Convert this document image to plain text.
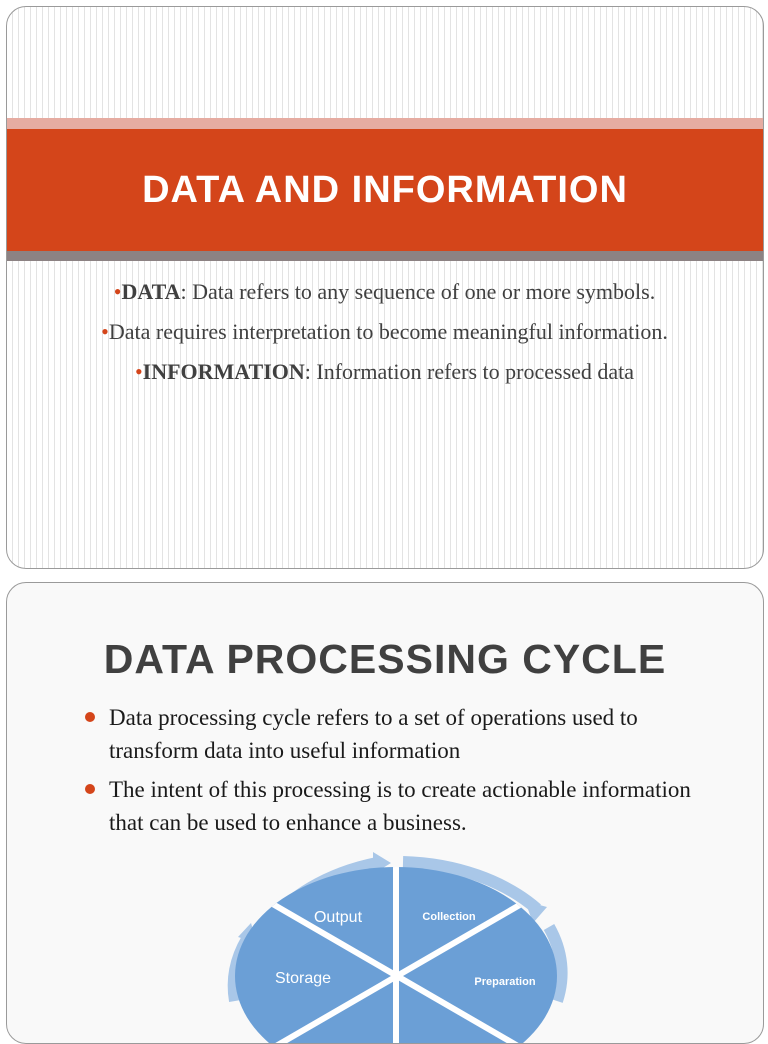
DATA AND INFORMATION

•DATA: Data refers to any sequence of one or more symbols.

•Data requires interpretation to become meaningful information.

•INFORMATION: Information refers to processed data

DATA PROCESSING CYCLE
Data processing cycle refers to a set of operations used to transform data into useful information
The intent of this processing is to create actionable information that can be used to enhance a business.
Output	Collection
Storage	Preparation
